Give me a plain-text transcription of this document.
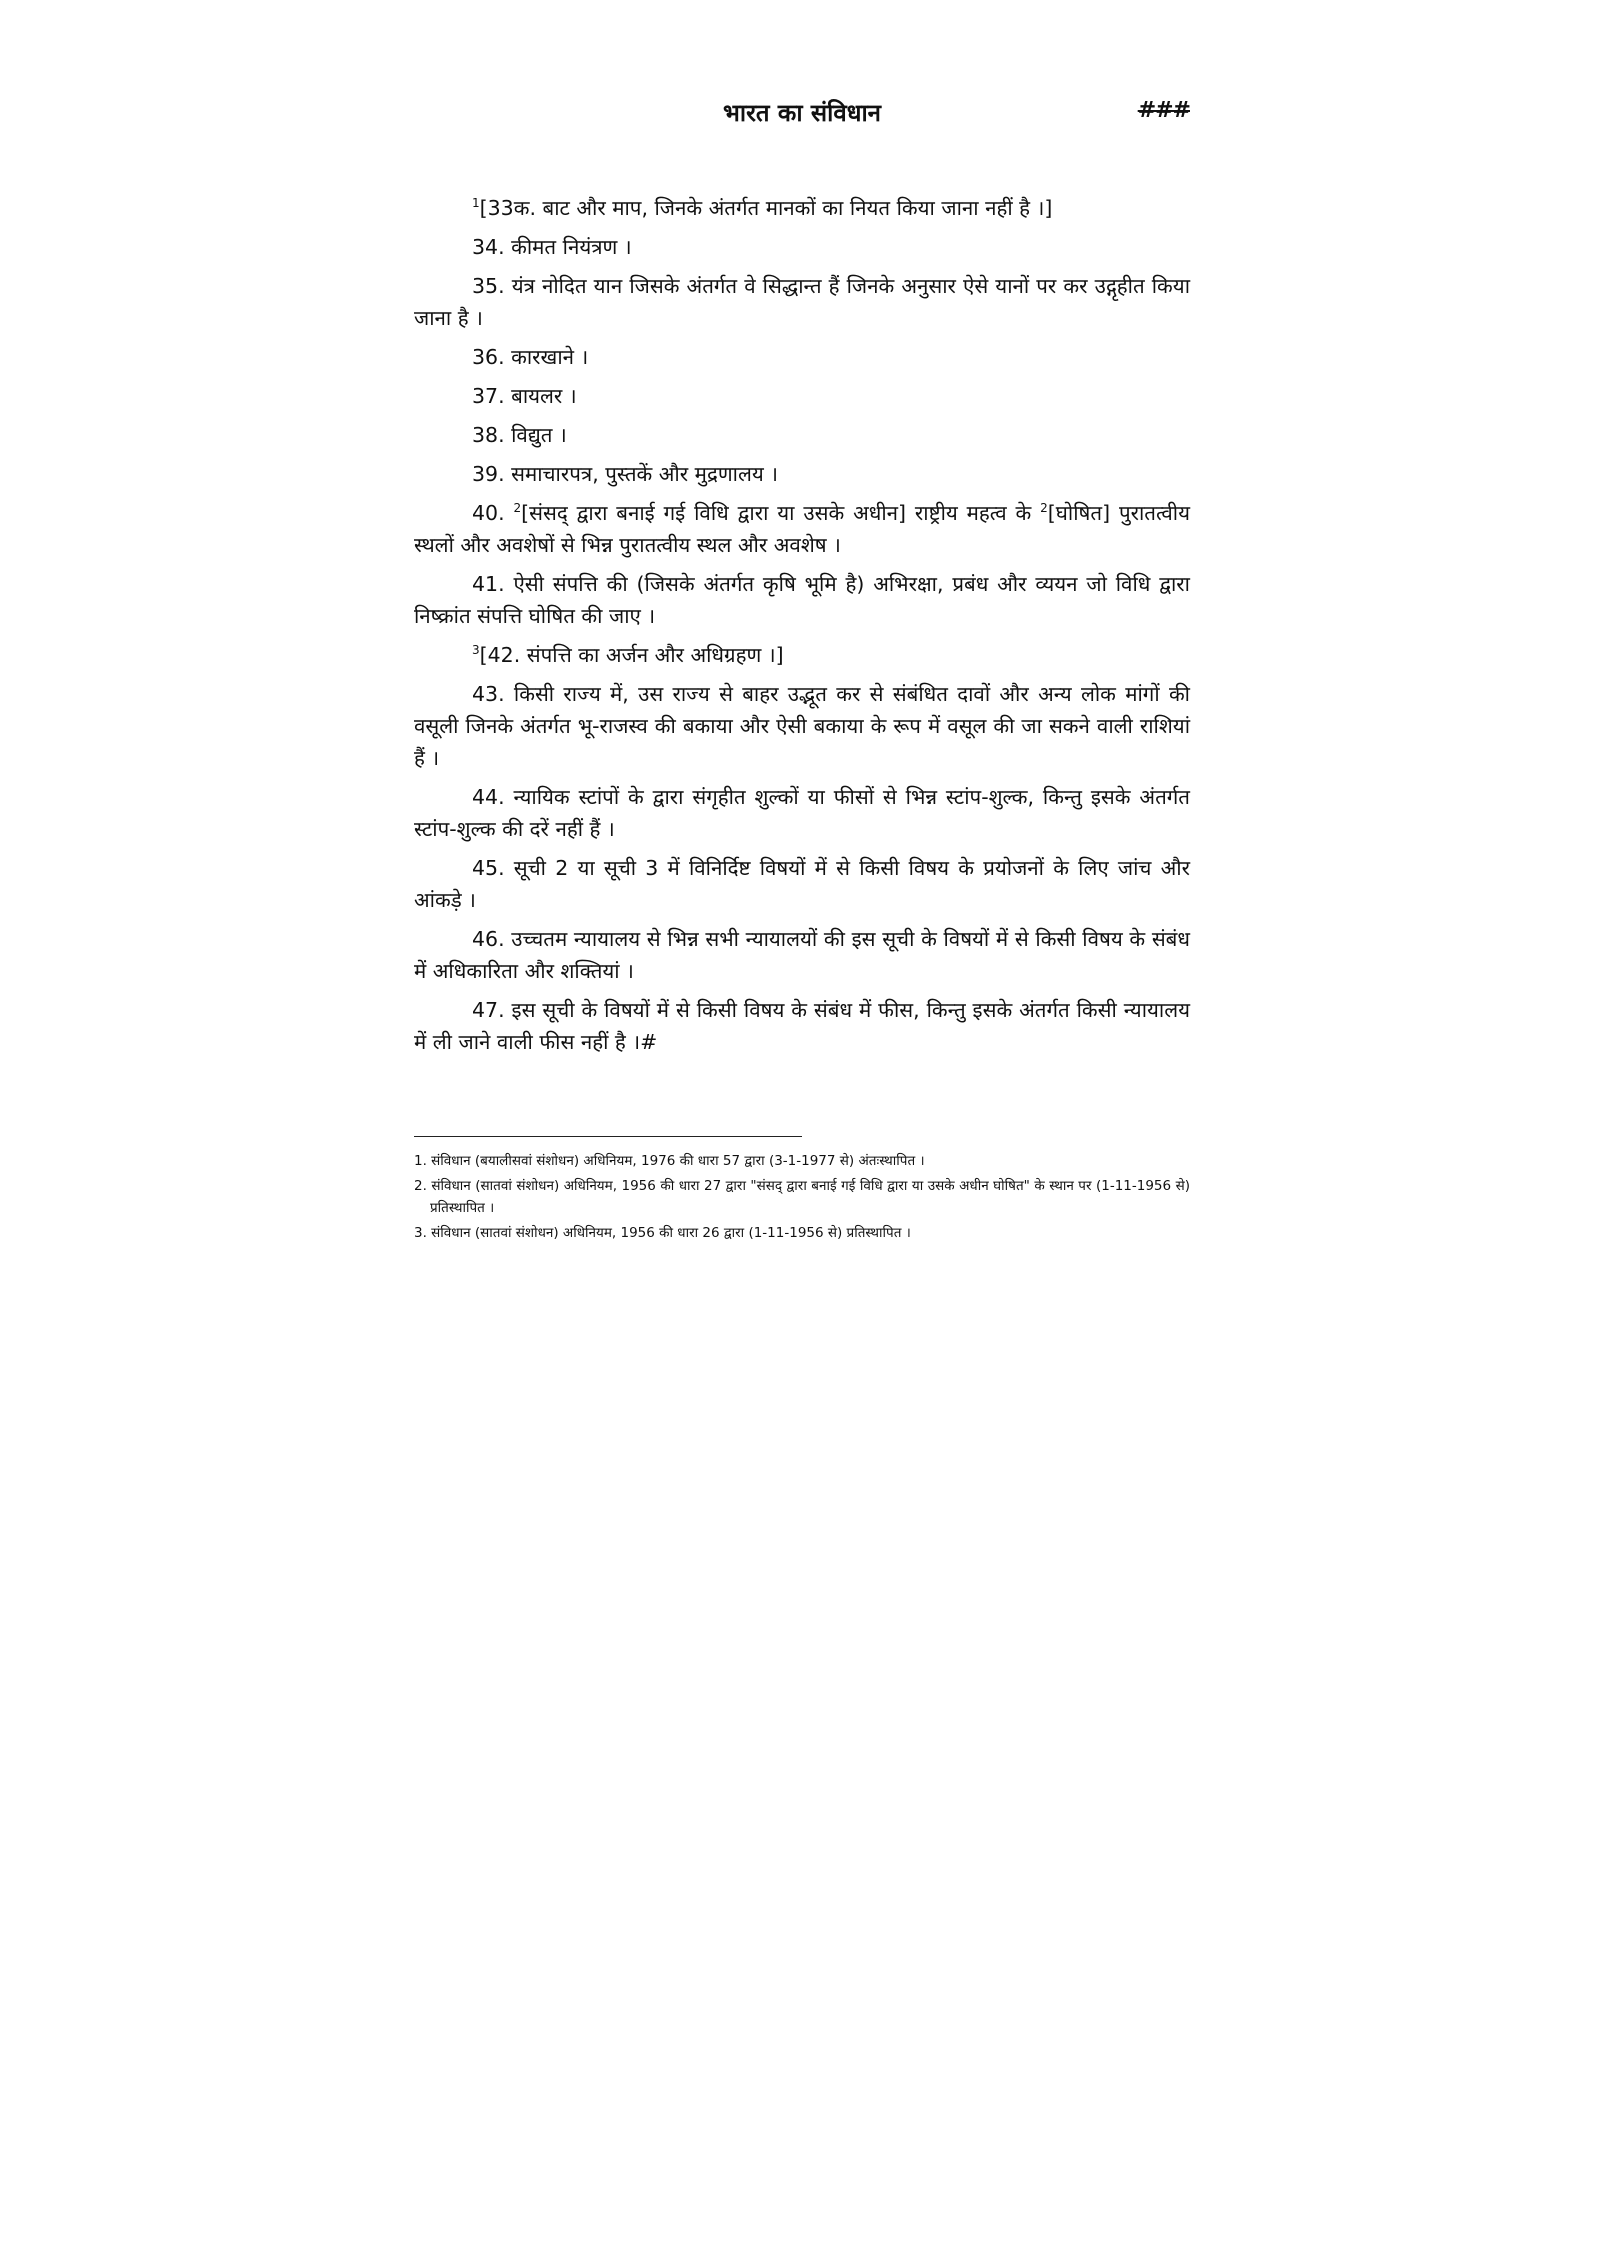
भारत का संविधान	###

$^1$[33क. बाट और माप, जिनके अंतर्गत मानकों का नियत किया जाना नहीं है ।]

34. कीमत नियंत्रण ।

35. यंत्र नोदित यान जिसके अंतर्गत वे सिद्धान्त हैं जिनके अनुसार ऐसे यानों पर कर उद्गृहीत किया जाना है ।

36. कारखाने ।

37. बायलर ।

38. विद्युत ।

39. समाचारपत्र, पुस्तकें और मुद्रणालय ।

40. $^2$[संसद् द्वारा बनाई गई विधि द्वारा या उसके अधीन] राष्ट्रीय महत्व के $^2$[घोषित] पुरातत्वीय स्थलों और अवशेषों से भिन्न पुरातत्वीय स्थल और अवशेष ।

41. ऐसी संपत्ति की (जिसके अंतर्गत कृषि भूमि है) अभिरक्षा, प्रबंध और व्ययन जो विधि द्वारा निष्क्रांत संपत्ति घोषित की जाए ।

$^3$[42. संपत्ति का अर्जन और अधिग्रहण ।]

43. किसी राज्य में, उस राज्य से बाहर उद्भूत कर से संबंधित दावों और अन्य लोक मांगों की वसूली जिनके अंतर्गत भू-राजस्व की बकाया और ऐसी बकाया के रूप में वसूल की जा सकने वाली राशियां हैं ।

44. न्यायिक स्टांपों के द्वारा संगृहीत शुल्कों या फीसों से भिन्न स्टांप-शुल्क, किन्तु इसके अंतर्गत स्टांप-शुल्क की दरें नहीं हैं ।

45. सूची 2 या सूची 3 में विनिर्दिष्ट विषयों में से किसी विषय के प्रयोजनों के लिए जांच और आंकड़े ।

46. उच्चतम न्यायालय से भिन्न सभी न्यायालयों की इस सूची के विषयों में से किसी विषय के संबंध में अधिकारिता और शक्तियां ।

47. इस सूची के विषयों में से किसी विषय के संबंध में फीस, किन्तु इसके अंतर्गत किसी न्यायालय में ली जाने वाली फीस नहीं है ।#

1. संविधान (बयालीसवां संशोधन) अधिनियम, 1976 की धारा 57 द्वारा (3-1-1977 से) अंतःस्थापित ।

2. संविधान (सातवां संशोधन) अधिनियम, 1956 की धारा 27 द्वारा "संसद् द्वारा बनाई गई विधि द्वारा या उसके अधीन घोषित" के स्थान पर (1-11-1956 से) प्रतिस्थापित ।

3. संविधान (सातवां संशोधन) अधिनियम, 1956 की धारा 26 द्वारा (1-11-1956 से) प्रतिस्थापित ।
